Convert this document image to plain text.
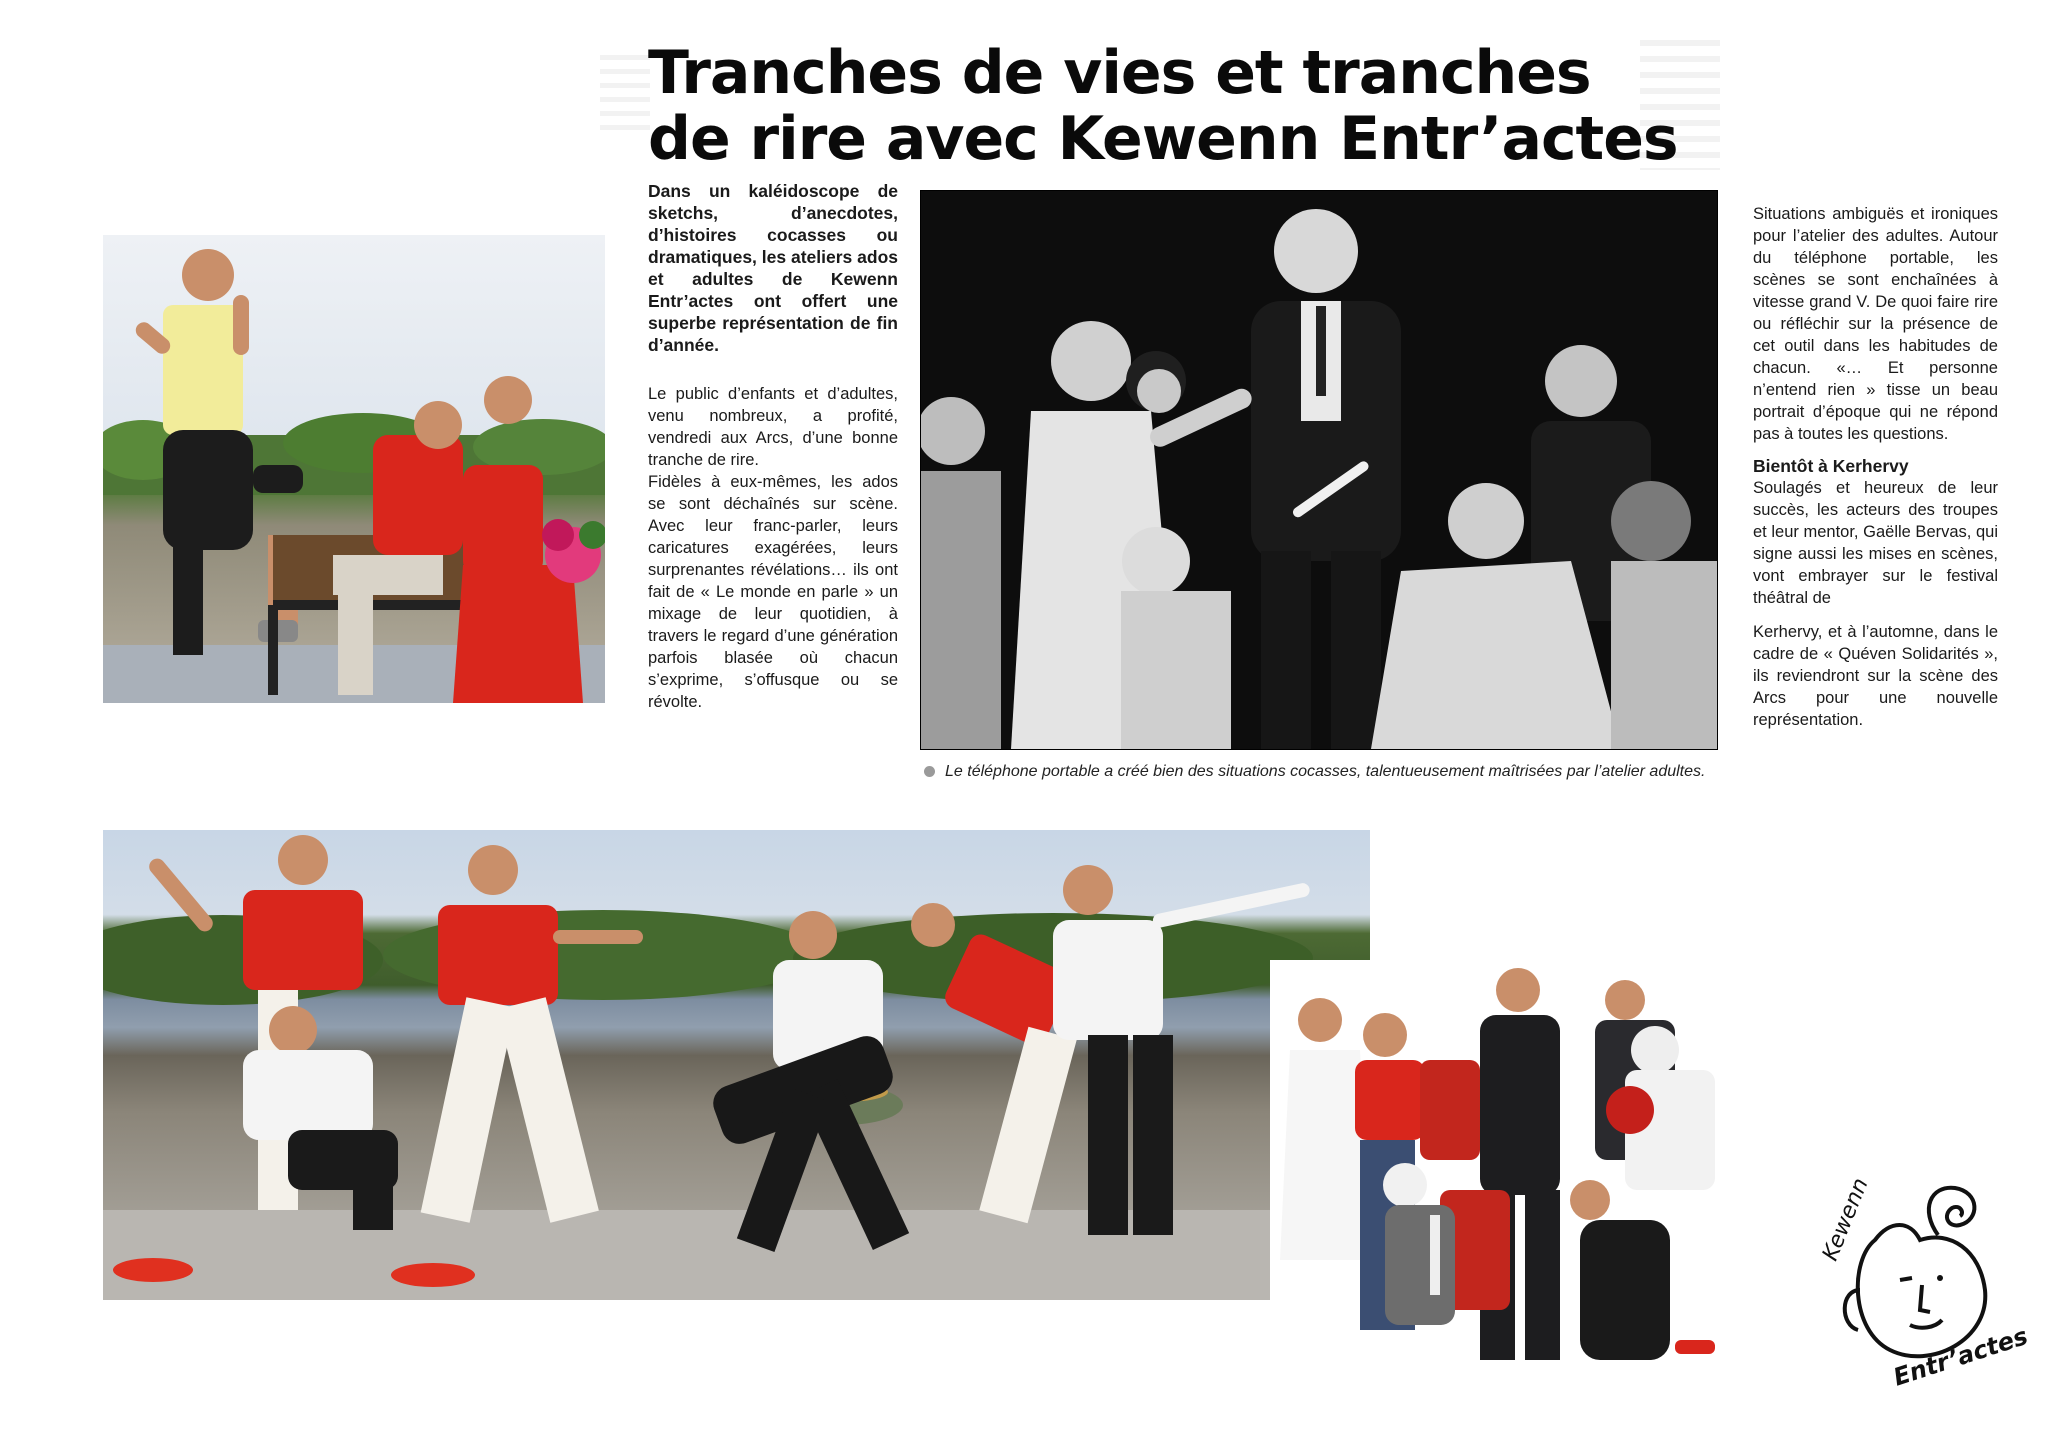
Tranches de vies et tranches
de rire avec Kewenn Entr’actes
Dans un kaléidoscope de sketchs, d’anecdotes, d’histoires cocasses ou dramatiques, les ateliers ados et adultes de Kewenn Entr’actes ont offert une superbe représentation de fin d’année.

Le public d’enfants et d’adultes, venu nombreux, a profité, vendredi aux Arcs, d’une bonne tranche de rire.

Fidèles à eux-mêmes, les ados se sont déchaînés sur scène. Avec leur franc-parler, leurs caricatures exagérées, leurs surprenantes révélations… ils ont fait de « Le monde en parle » un mixage de leur quotidien, à travers le regard d’une génération parfois blasée où chacun s’exprime, s’offusque ou se révolte.

Situations ambiguës et ironiques pour l’atelier des adultes. Autour du téléphone portable, les scènes se sont enchaînées à vitesse grand V. De quoi faire rire ou réfléchir sur la présence de cet outil dans les habitudes de chacun. «… Et personne n’entend rien » tisse un beau portrait d’époque qui ne répond pas à toutes les questions.

Bientôt à Kerhervy

Soulagés et heureux de leur succès, les acteurs des troupes et leur mentor, Gaëlle Bervas, qui signe aussi les mises en scènes, vont embrayer sur le festival théâtral de

Kerhervy, et à l’automne, dans le cadre de « Quéven Solidarités », ils reviendront sur la scène des Arcs pour une nouvelle représentation.

Le téléphone portable a créé bien des situations cocasses, talentueusement maîtrisées par l’atelier adultes.
Kewenn
Entr’actes
